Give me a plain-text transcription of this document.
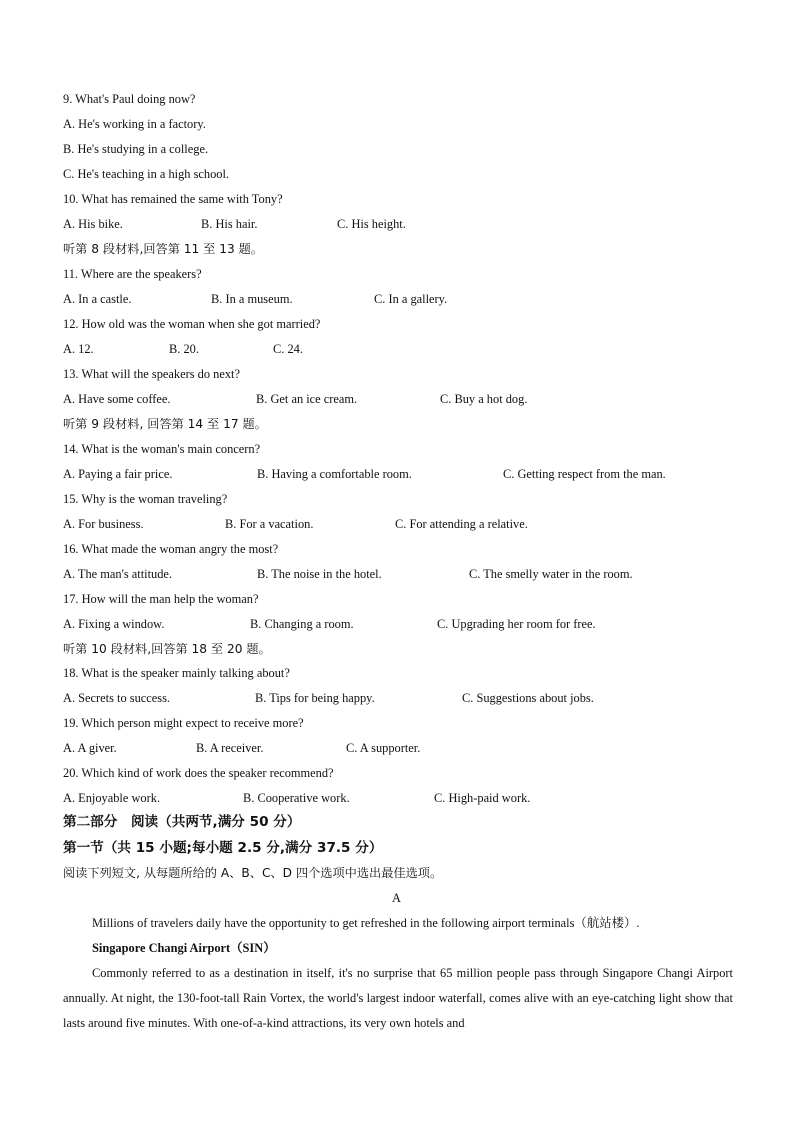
9. What's Paul doing now?
A. He's working in a factory.
B. He's studying in a college.
C. He's teaching in a high school.
10. What has remained the same with Tony?
A. His bike.	B. His hair.	C. His height.
听第 8 段材料,回答第 11 至 13 题。
11. Where are the speakers?
A. In a castle.	B. In a museum.	C. In a gallery.
12. How old was the woman when she got married?
A. 12.	B. 20.	C. 24.
13. What will the speakers do next?
A. Have some coffee.	B. Get an ice cream.	C. Buy a hot dog.
听第 9 段材料, 回答第 14 至 17 题。
14. What is the woman's main concern?
A. Paying a fair price.	B. Having a comfortable room.	C. Getting respect from the man.
15. Why is the woman traveling?
A. For business.	B. For a vacation.	C. For attending a relative.
16. What made the woman angry the most?
A. The man's attitude.	B. The noise in the hotel.	C. The smelly water in the room.
17. How will the man help the woman?
A. Fixing a window.	B. Changing a room.	C. Upgrading her room for free.
听第 10 段材料,回答第 18 至 20 题。
18. What is the speaker mainly talking about?
A. Secrets to success.	B. Tips for being happy.	C. Suggestions about jobs.
19. Which person might expect to receive more?
A. A giver.	B. A receiver.	C. A supporter.
20. Which kind of work does the speaker recommend?
A. Enjoyable work.	B. Cooperative work.	C. High-paid work.
第二部分　阅读（共两节,满分 50 分）
第一节（共 15 小题;每小题 2.5 分,满分 37.5 分）
阅读下列短文, 从每题所给的 A、B、C、D 四个选项中选出最佳选项。
A
Millions of travelers daily have the opportunity to get refreshed in the following airport terminals（航站楼）.
Singapore Changi Airport（SIN）
Commonly referred to as a destination in itself, it's no surprise that 65 million people pass through Singapore Changi Airport annually. At night, the 130-foot-tall Rain Vortex, the world's largest indoor waterfall, comes alive with an eye-catching light show that lasts around five minutes. With one-of-a-kind attractions, its very own hotels and
